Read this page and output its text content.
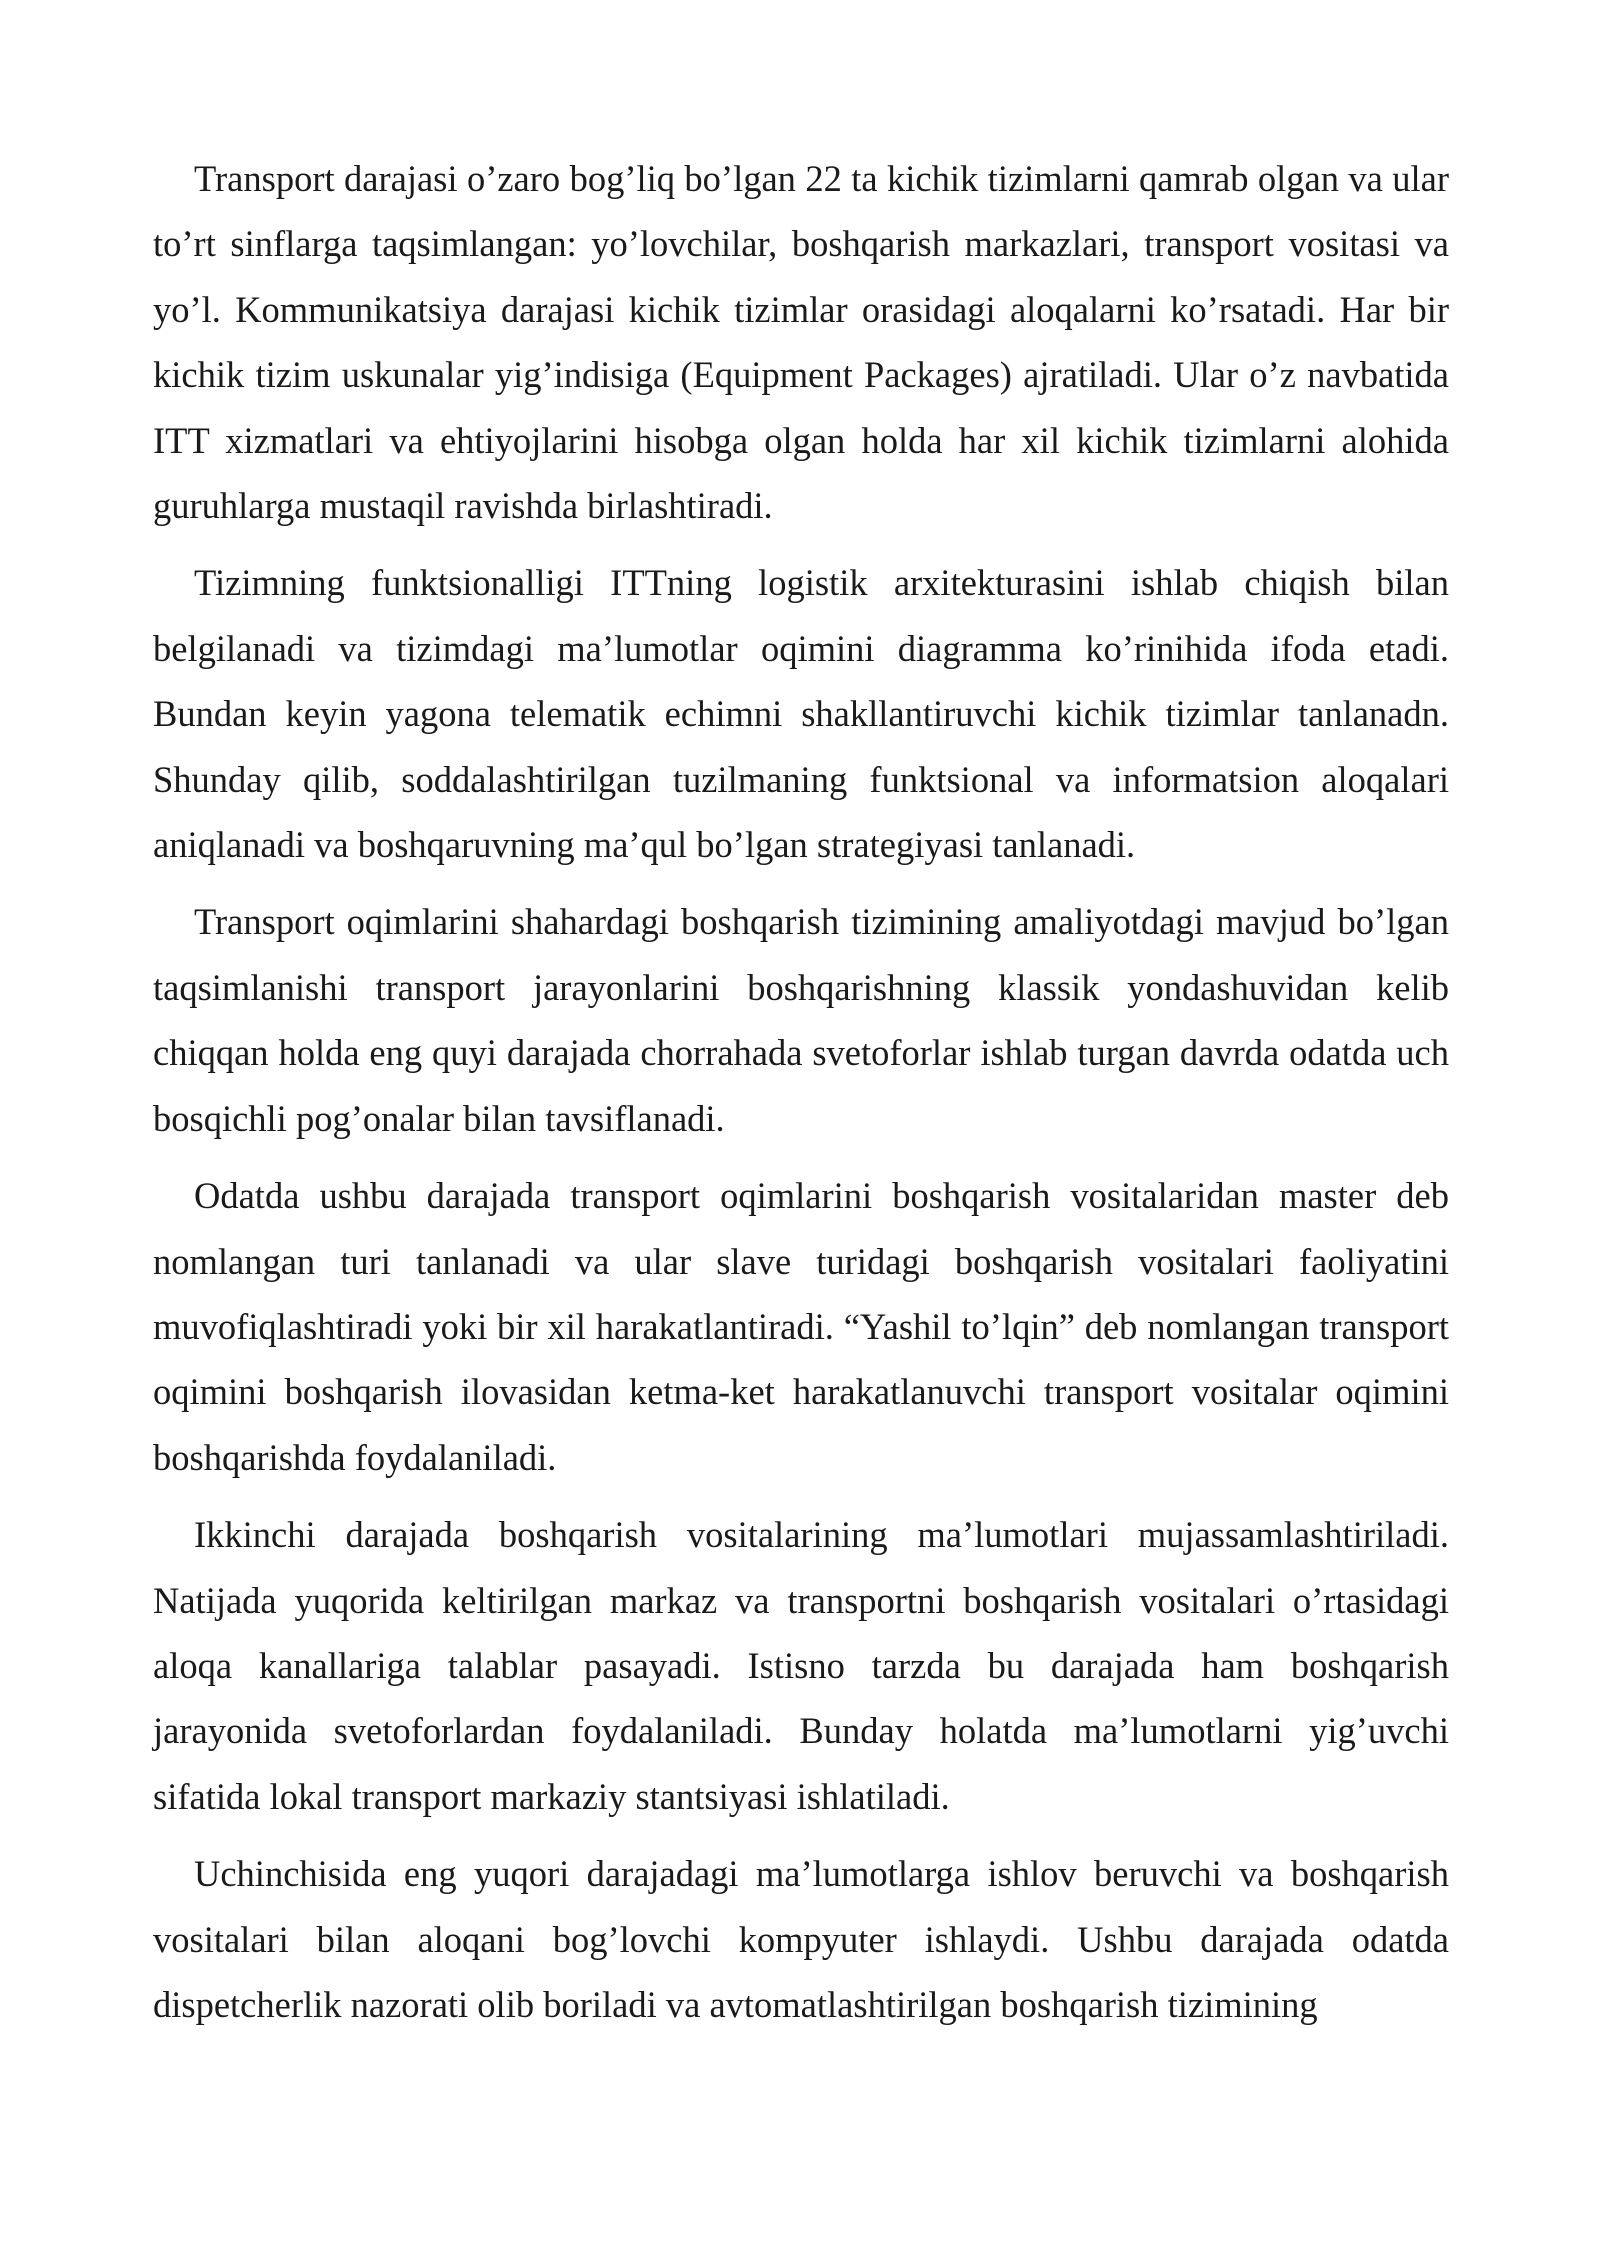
Transport darajasi o’zaro bog’liq bo’lgan 22 ta kichik tizimlarni qamrab olgan va ular to’rt sinflarga taqsimlangan: yo’lovchilar, boshqarish markazlari, transport vositasi va yo’l. Kommunikatsiya darajasi kichik tizimlar orasidagi aloqalarni ko’rsatadi. Har bir kichik tizim uskunalar yig’indisiga (Equipment Packages) ajratiladi. Ular o’z navbatida ITT xizmatlari va ehtiyojlarini hisobga olgan holda har xil kichik tizimlarni alohida guruhlarga mustaqil ravishda birlashtiradi.

Tizimning funktsionalligi ITTning logistik arxitekturasini ishlab chiqish bilan belgilanadi va tizimdagi ma’lumotlar oqimini diagramma ko’rinihida ifoda etadi. Bundan keyin yagona telematik echimni shakllantiruvchi kichik tizimlar tanlanadn. Shunday qilib, soddalashtirilgan tuzilmaning funktsional va informatsion aloqalari aniqlanadi va boshqaruvning ma’qul bo’lgan strategiyasi tanlanadi.

Transport oqimlarini shahardagi boshqarish tizimining amaliyotdagi mavjud bo’lgan taqsimlanishi transport jarayonlarini boshqarishning klassik yondashuvidan kelib chiqqan holda eng quyi darajada chorrahada svetoforlar ishlab turgan davrda odatda uch bosqichli pog’onalar bilan tavsiflanadi.

Odatda ushbu darajada transport oqimlarini boshqarish vositalaridan master deb nomlangan turi tanlanadi va ular slave turidagi boshqarish vositalari faoliyatini muvofiqlashtiradi yoki bir xil harakatlantiradi. “Yashil to’lqin” deb nomlangan transport oqimini boshqarish ilovasidan ketma-ket harakatlanuvchi transport vositalar oqimini boshqarishda foydalaniladi.

Ikkinchi darajada boshqarish vositalarining ma’lumotlari mujassamlashtiriladi. Natijada yuqorida keltirilgan markaz va transportni boshqarish vositalari o’rtasidagi aloqa kanallariga talablar pasayadi. Istisno tarzda bu darajada ham boshqarish jarayonida svetoforlardan foydalaniladi. Bunday holatda ma’lumotlarni yig’uvchi sifatida lokal transport markaziy stantsiyasi ishlatiladi.

Uchinchisida eng yuqori darajadagi ma’lumotlarga ishlov beruvchi va boshqarish vositalari bilan aloqani bog’lovchi kompyuter ishlaydi. Ushbu darajada odatda dispetcherlik nazorati olib boriladi va avtomatlashtirilgan boshqarish tizimining
